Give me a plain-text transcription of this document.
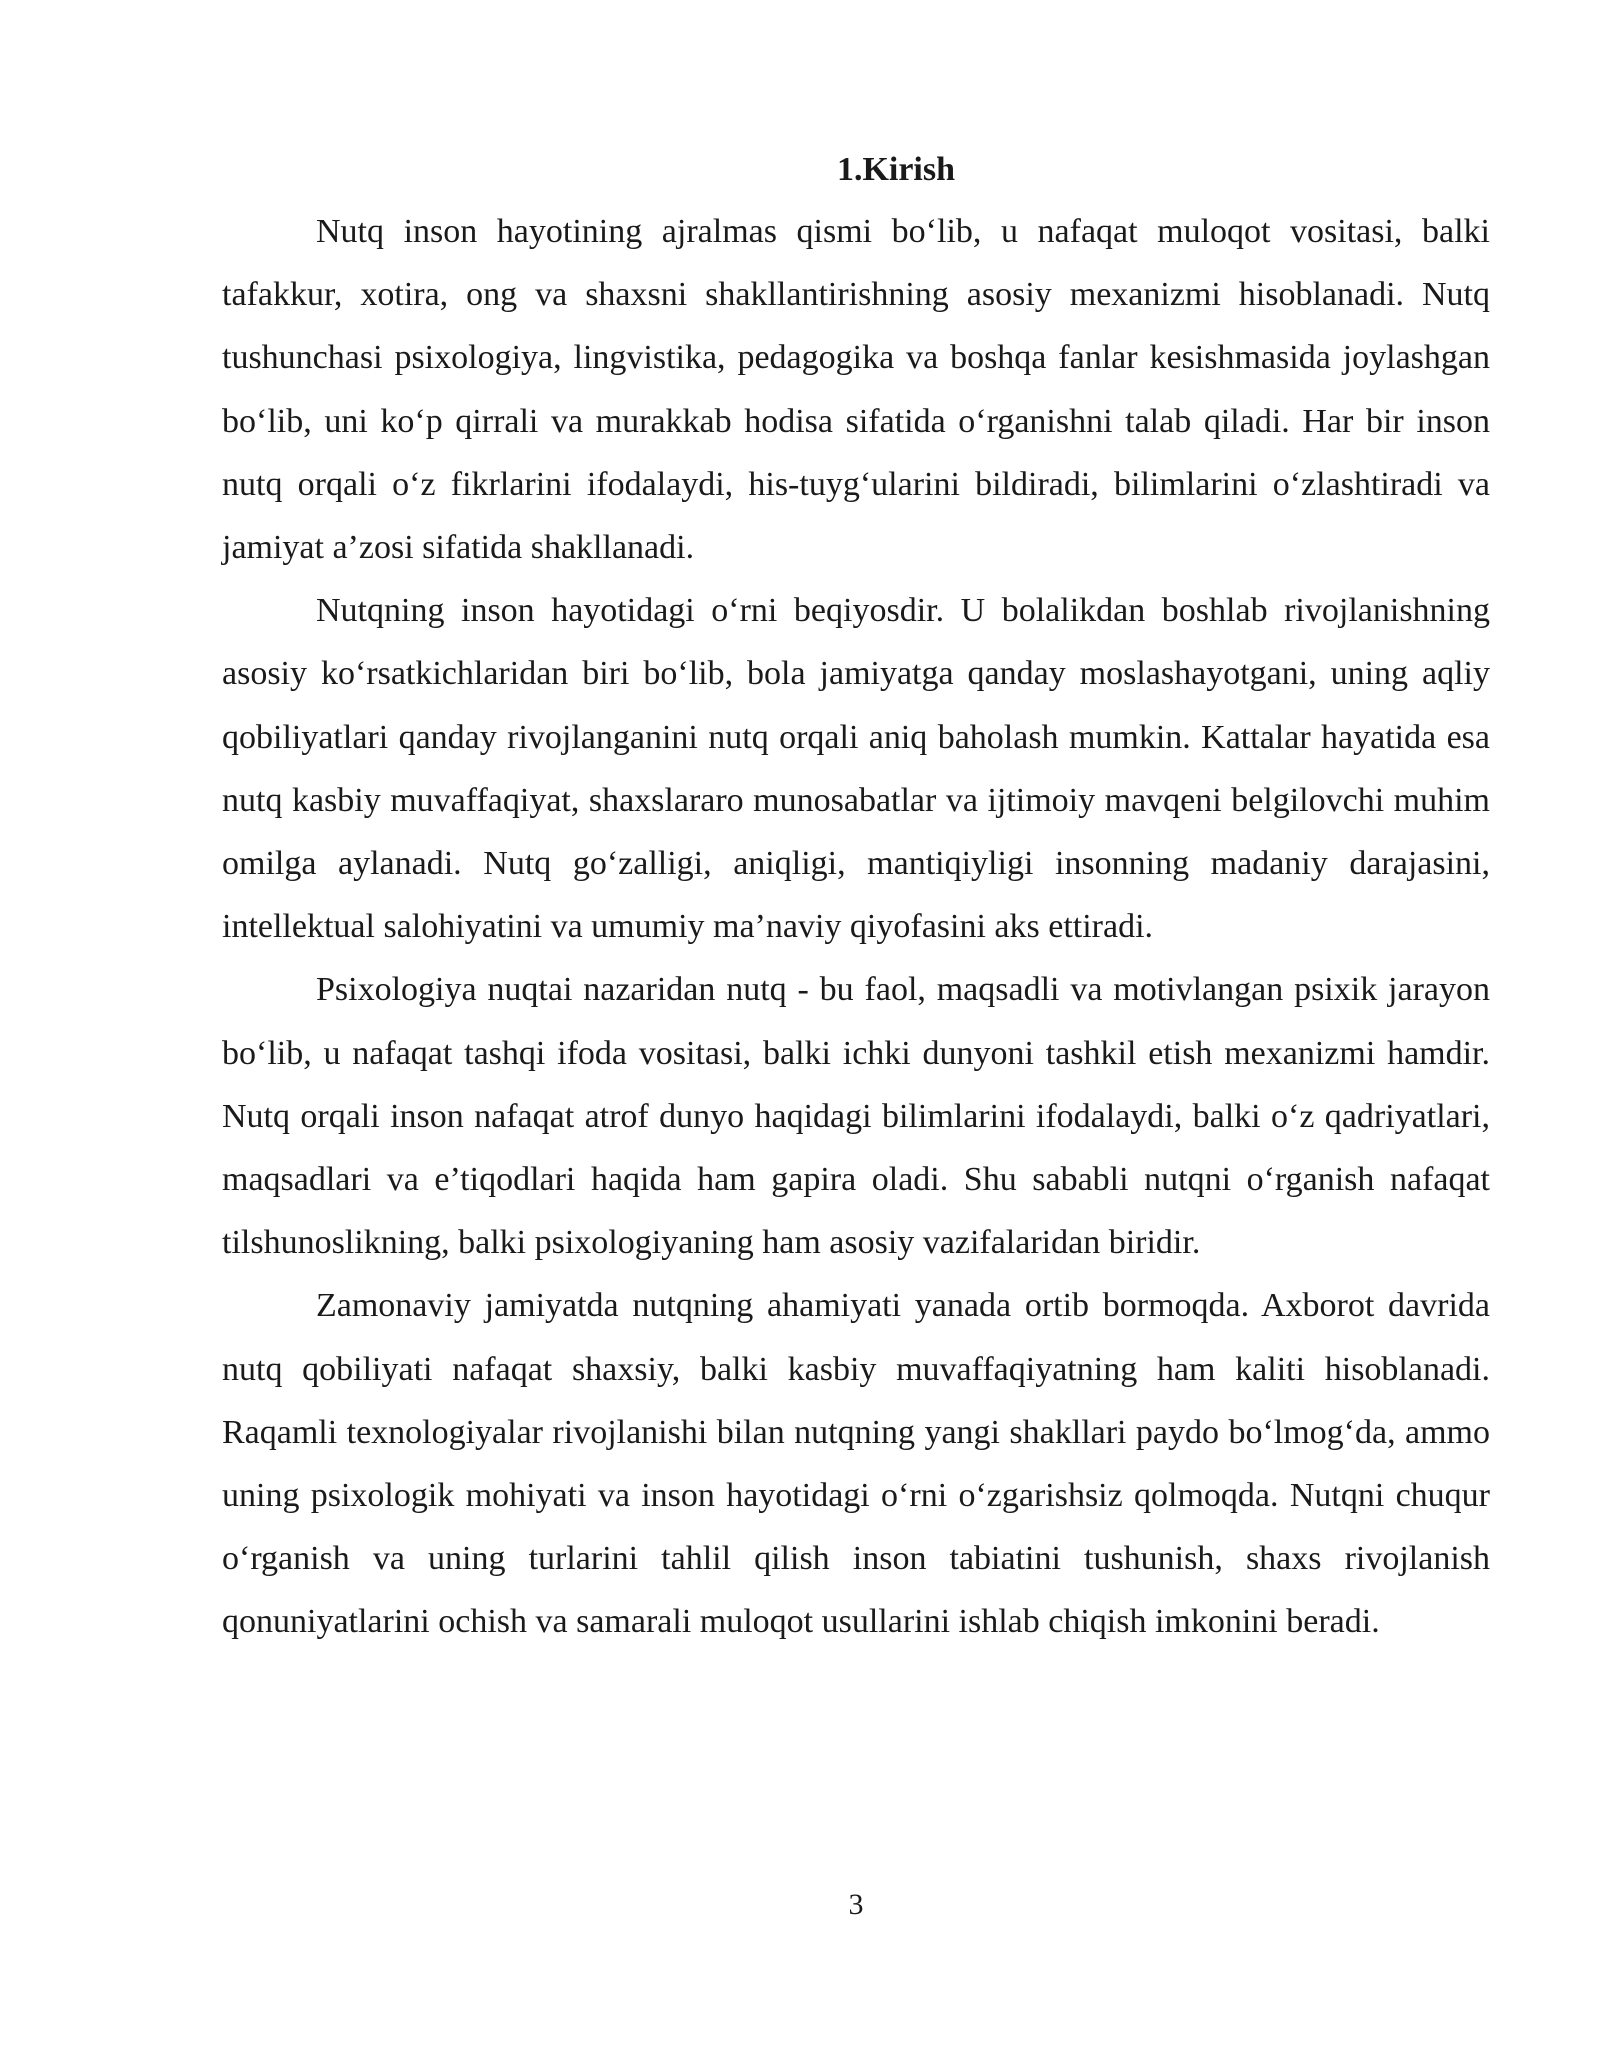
1.Kirish

Nutq inson hayotining ajralmas qismi bo‘lib, u nafaqat muloqot vositasi, balki tafakkur, xotira, ong va shaxsni shakllantirishning asosiy mexanizmi hisoblanadi. Nutq tushunchasi psixologiya, lingvistika, pedagogika va boshqa fanlar kesishmasida joylashgan bo‘lib, uni ko‘p qirrali va murakkab hodisa sifatida o‘rganishni talab qiladi. Har bir inson nutq orqali o‘z fikrlarini ifodalaydi, his-tuyg‘ularini bildiradi, bilimlarini o‘zlashtiradi va jamiyat a’zosi sifatida shakllanadi.

Nutqning inson hayotidagi o‘rni beqiyosdir. U bolalikdan boshlab rivojlanishning asosiy ko‘rsatkichlaridan biri bo‘lib, bola jamiyatga qanday moslashayotgani, uning aqliy qobiliyatlari qanday rivojlanganini nutq orqali aniq baholash mumkin. Kattalar hayatida esa nutq kasbiy muvaffaqiyat, shaxslararo munosabatlar va ijtimoiy mavqeni belgilovchi muhim omilga aylanadi. Nutq go‘zalligi, aniqligi, mantiqiyligi insonning madaniy darajasini, intellektual salohiyatini va umumiy ma’naviy qiyofasini aks ettiradi.

Psixologiya nuqtai nazaridan nutq - bu faol, maqsadli va motivlangan psixik jarayon bo‘lib, u nafaqat tashqi ifoda vositasi, balki ichki dunyoni tashkil etish mexanizmi hamdir. Nutq orqali inson nafaqat atrof dunyo haqidagi bilimlarini ifodalaydi, balki o‘z qadriyatlari, maqsadlari va e’tiqodlari haqida ham gapira oladi. Shu sababli nutqni o‘rganish nafaqat tilshunoslikning, balki psixologiyaning ham asosiy vazifalaridan biridir.

Zamonaviy jamiyatda nutqning ahamiyati yanada ortib bormoqda. Axborot davrida nutq qobiliyati nafaqat shaxsiy, balki kasbiy muvaffaqiyatning ham kaliti hisoblanadi. Raqamli texnologiyalar rivojlanishi bilan nutqning yangi shakllari paydo bo‘lmog‘da, ammo uning psixologik mohiyati va inson hayotidagi o‘rni o‘zgarishsiz qolmoqda. Nutqni chuqur o‘rganish va uning turlarini tahlil qilish inson tabiatini tushunish, shaxs rivojlanish qonuniyatlarini ochish va samarali muloqot usullarini ishlab chiqish imkonini beradi.

3
